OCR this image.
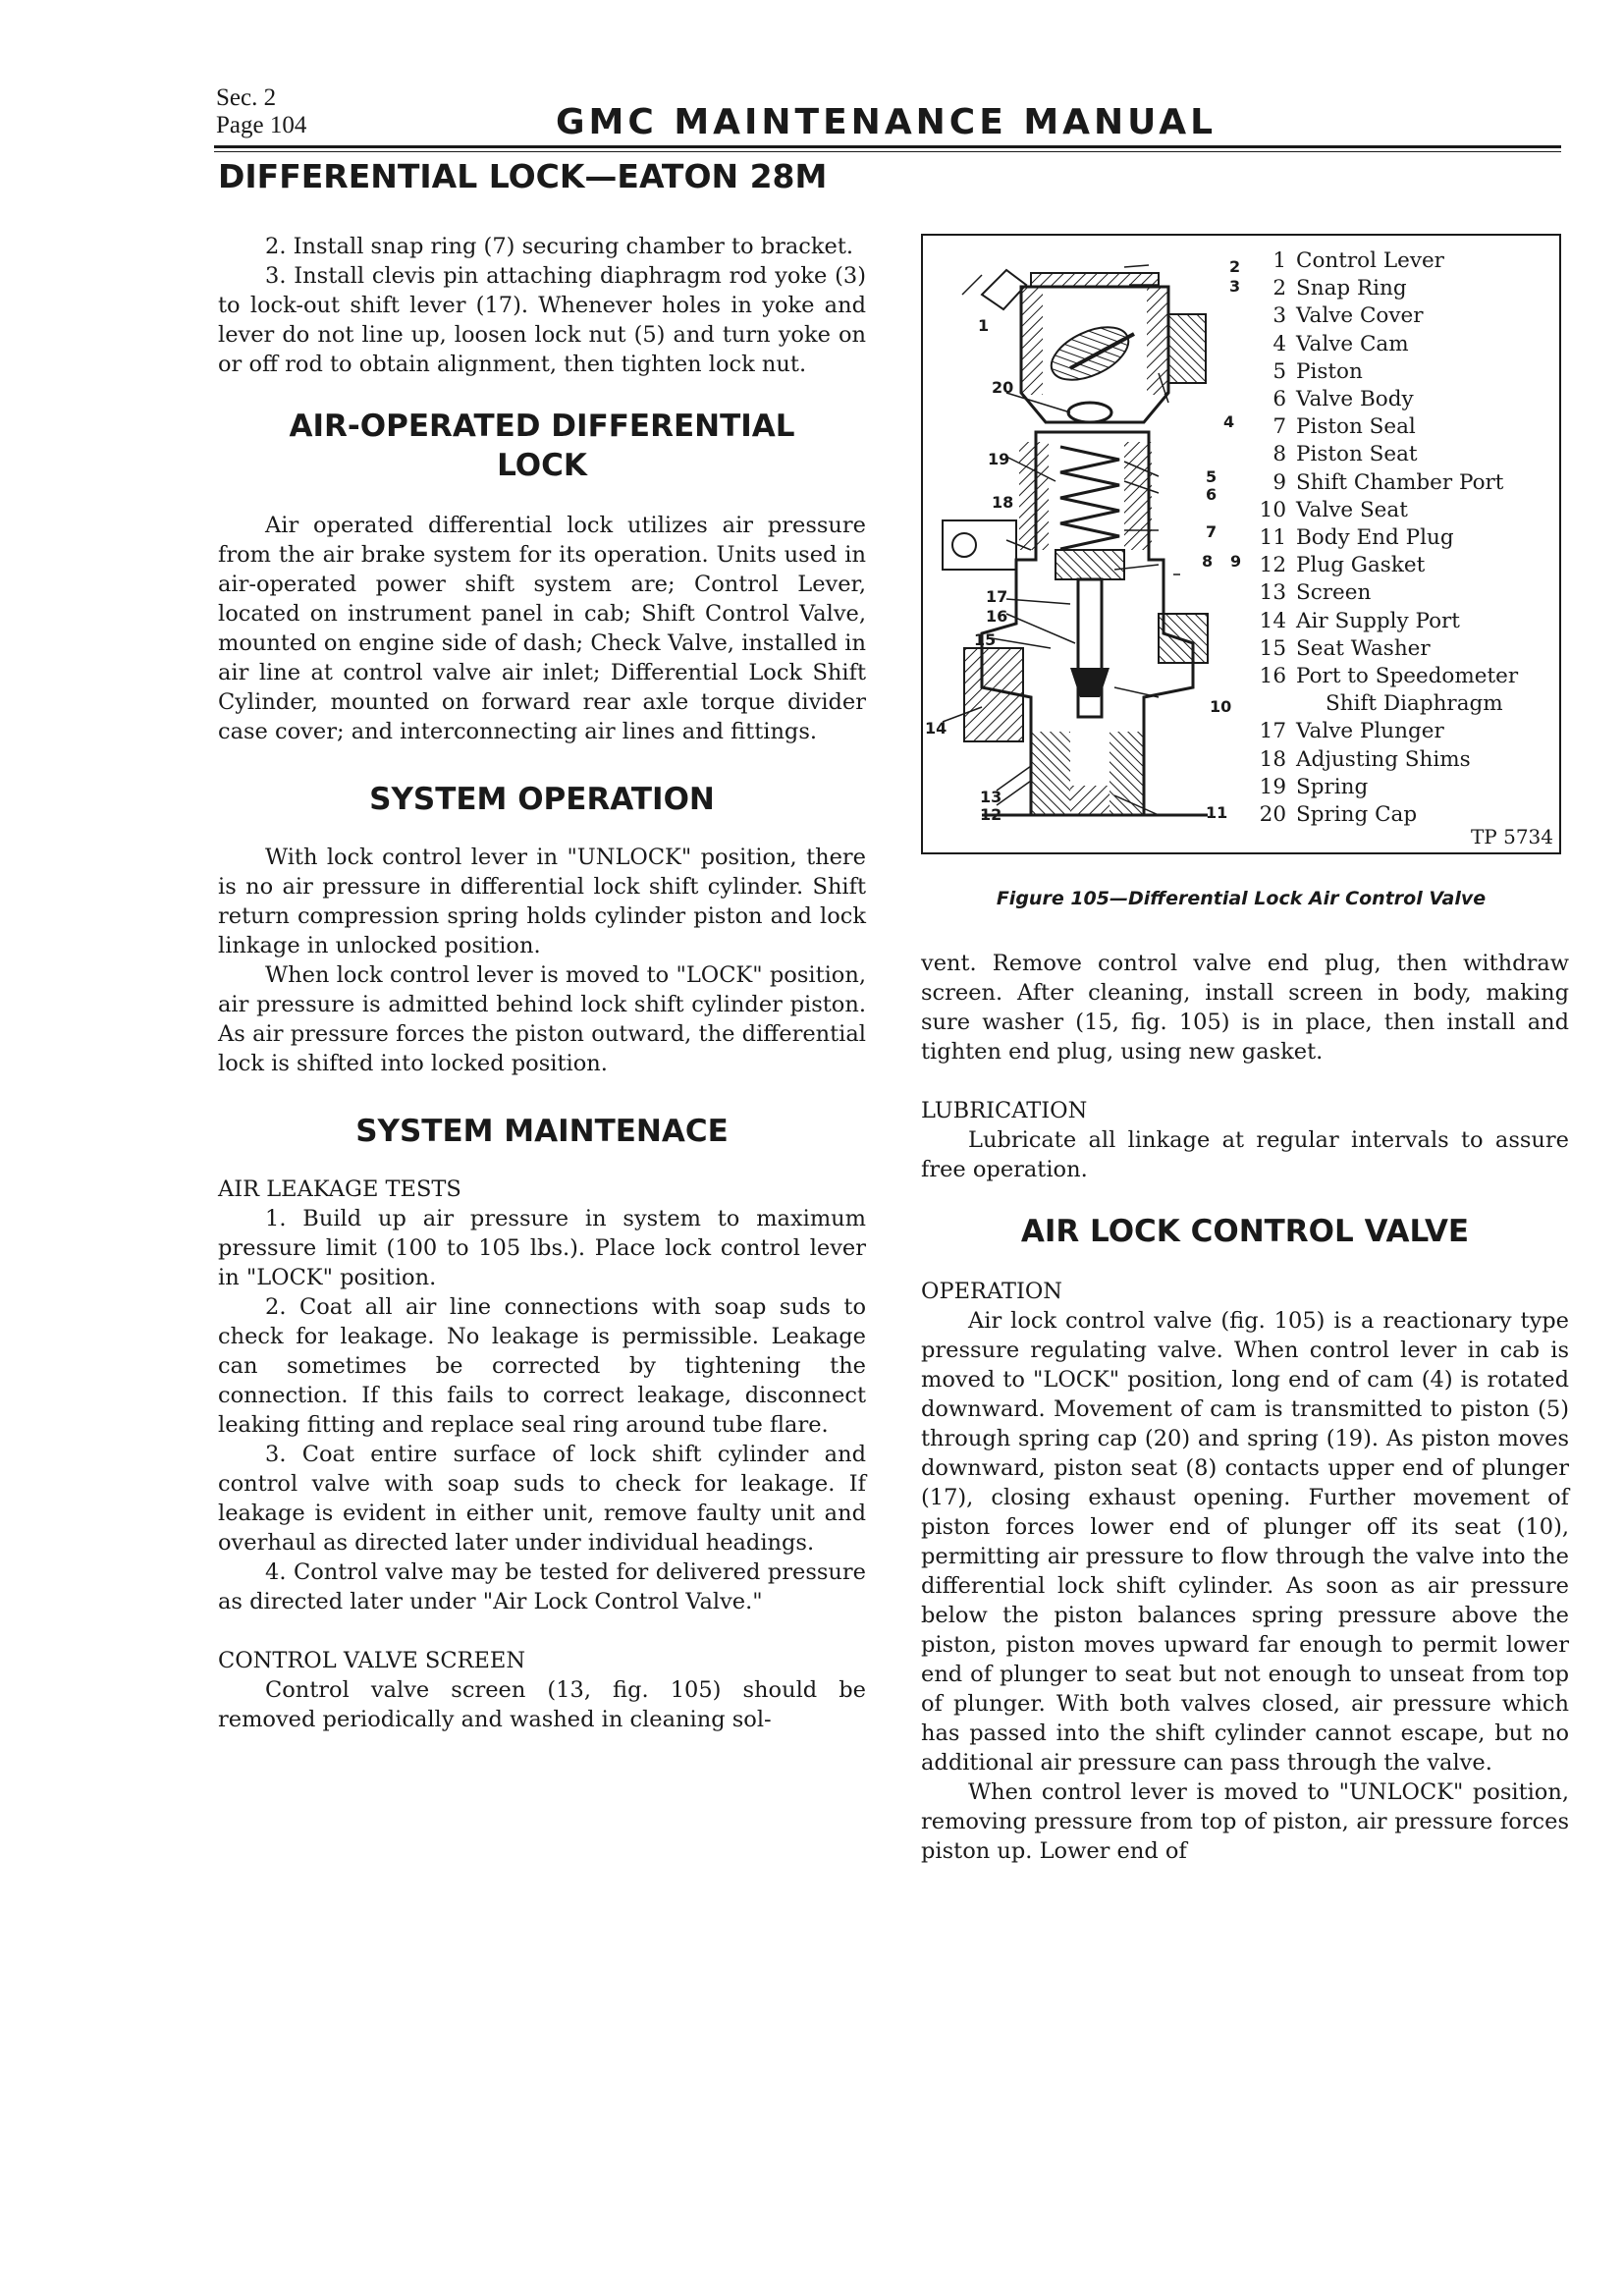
Sec. 2
Page 104	GMC MAINTENANCE MANUAL
DIFFERENTIAL LOCK—EATON 28M

2. Install snap ring (7) securing chamber to bracket.

3. Install clevis pin attaching diaphragm rod yoke (3) to lock-out shift lever (17). Whenever holes in yoke and lever do not line up, loosen lock nut (5) and turn yoke on or off rod to obtain alignment, then tighten lock nut.

AIR-OPERATED DIFFERENTIAL
LOCK

Air operated differential lock utilizes air pressure from the air brake system for its operation. Units used in air-operated power shift system are; Control Lever, located on instrument panel in cab; Shift Control Valve, mounted on engine side of dash; Check Valve, installed in air line at control valve air inlet; Differential Lock Shift Cylinder, mounted on forward rear axle torque divider case cover; and interconnecting air lines and fittings.

SYSTEM OPERATION

With lock control lever in "UNLOCK" position, there is no air pressure in differential lock shift cylinder. Shift return compression spring holds cylinder piston and lock linkage in unlocked position.

When lock control lever is moved to "LOCK" position, air pressure is admitted behind lock shift cylinder piston. As air pressure forces the piston outward, the differential lock is shifted into locked position.

SYSTEM MAINTENACE

AIR LEAKAGE TESTS

1. Build up air pressure in system to maximum pressure limit (100 to 105 lbs.). Place lock control lever in "LOCK" position.

2. Coat all air line connections with soap suds to check for leakage. No leakage is permissible. Leakage can sometimes be corrected by tightening the connection. If this fails to correct leakage, disconnect leaking fitting and replace seal ring around tube flare.

3. Coat entire surface of lock shift cylinder and control valve with soap suds to check for leakage. If leakage is evident in either unit, remove faulty unit and overhaul as directed later under individual headings.

4. Control valve may be tested for delivered pressure as directed later under "Air Lock Control Valve."

CONTROL VALVE SCREEN

Control valve screen (13, fig. 105) should be removed periodically and washed in cleaning sol-

1
2
3
4
5
6
7
8 9
10
11
12
13
14
15
16
17
18
19
20
1 Control Lever
2 Snap Ring
3 Valve Cover
4 Valve Cam
5 Piston
6 Valve Body
7 Piston Seal
8 Piston Seat
9 Shift Chamber Port
10 Valve Seat
11 Body End Plug
12 Plug Gasket
13 Screen
14 Air Supply Port
15 Seat Washer
16 Port to Speedometer
Shift Diaphragm
17 Valve Plunger
18 Adjusting Shims
19 Spring
20 Spring Cap
TP 5734
Figure 105—Differential Lock Air Control Valve

vent. Remove control valve end plug, then withdraw screen. After cleaning, install screen in body, making sure washer (15, fig. 105) is in place, then install and tighten end plug, using new gasket.

LUBRICATION

Lubricate all linkage at regular intervals to assure free operation.

AIR LOCK CONTROL VALVE

OPERATION

Air lock control valve (fig. 105) is a reactionary type pressure regulating valve. When control lever in cab is moved to "LOCK" position, long end of cam (4) is rotated downward. Movement of cam is transmitted to piston (5) through spring cap (20) and spring (19). As piston moves downward, piston seat (8) contacts upper end of plunger (17), closing exhaust opening. Further movement of piston forces lower end of plunger off its seat (10), permitting air pressure to flow through the valve into the differential lock shift cylinder. As soon as air pressure below the piston balances spring pressure above the piston, piston moves upward far enough to permit lower end of plunger to seat but not enough to unseat from top of plunger. With both valves closed, air pressure which has passed into the shift cylinder cannot escape, but no additional air pressure can pass through the valve.

When control lever is moved to "UNLOCK" position, removing pressure from top of piston, air pressure forces piston up. Lower end of
